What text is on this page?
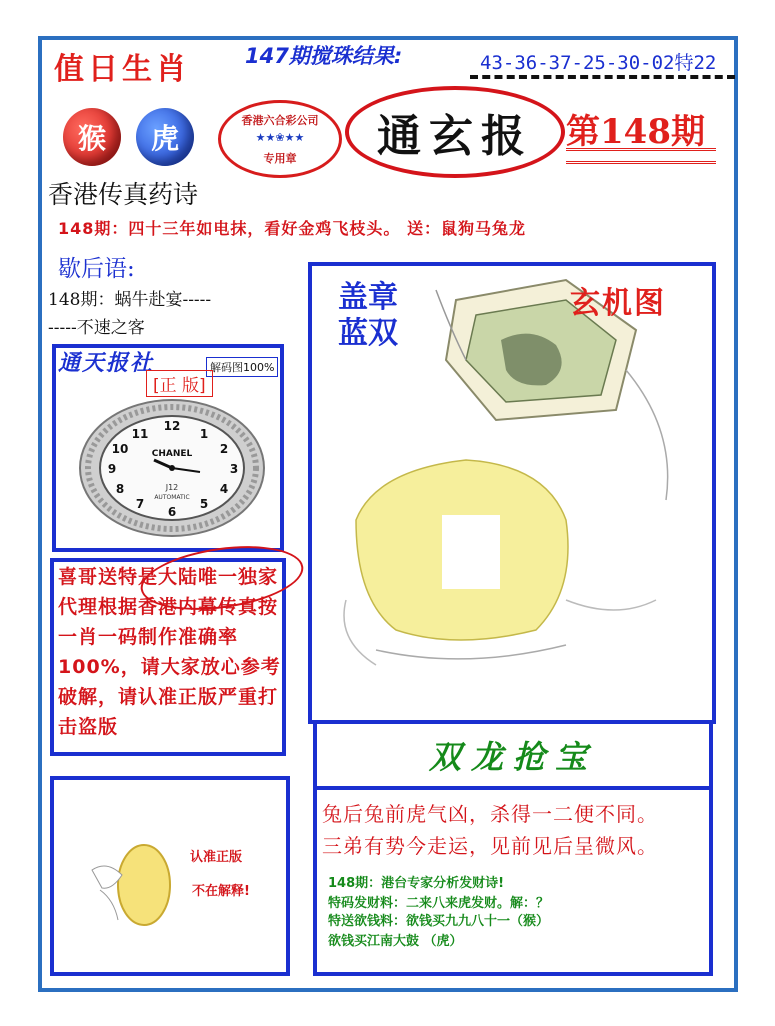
值日生肖	147期搅珠结果:	43-36-37-25-30-02特22
猴	虎
香港六合彩公司
★★❀★★
专用章	通玄报 第148期
香港传真药诗
148期：四十三年如电抹，看好金鸡飞枝头。 送：鼠狗马兔龙
歇后语:
148期：蜗牛赴宴-----
-----不速之客
通天报社	解码图100%
[正 版]
12
3
6
9
1
2
4
5
7
8
10
11
CHANEL
J12
AUTOMATIC
喜哥送特是大陆唯一独家代理根据香港内幕传真按一肖一码制作准确率100%，请大家放心参考破解，请认准正版严重打击盗版
认准正版
不在解释!
盖章
蓝双
玄机图
双龙抢宝
兔后兔前虎气凶，杀得一二便不同。
三弟有势今走运，见前见后呈微风。
148期：港台专家分析发财诗!
特码发财料：二来八来虎发财。解：？
特送欲钱料：欲钱买九九八十一（猴）
欲钱买江南大鼓 （虎）
